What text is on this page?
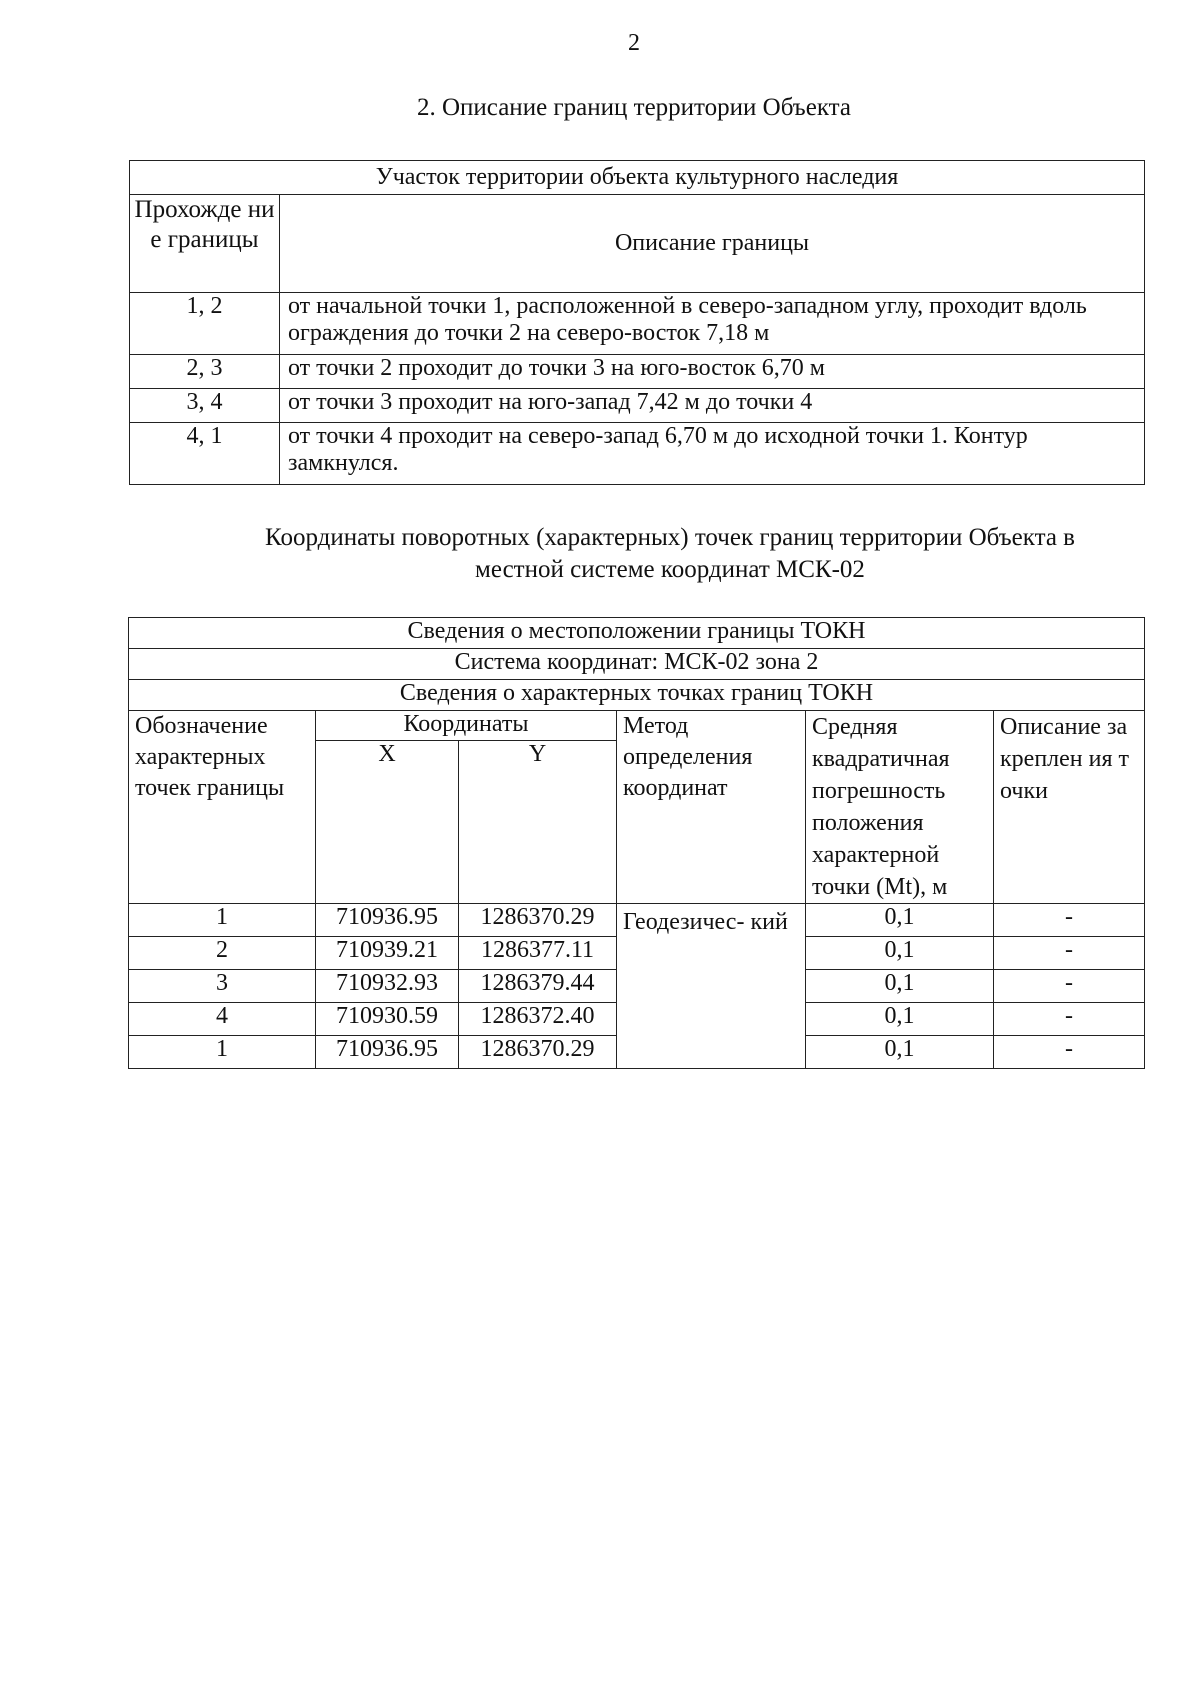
2
2. Описание границ территории Объекта
Участок территории объекта культурного наследия	
Прохожде ние границы	Описание границы
1, 2	от начальной точки 1, расположенной в северо-западном углу, проходит вдоль ограждения до точки 2 на северо-восток 7,18 м
2, 3	от точки 2 проходит до точки 3 на юго-восток 6,70 м
3, 4	от точки 3 проходит на юго-запад 7,42 м до точки 4
4, 1	от точки 4 проходит на северо-запад 6,70 м до исходной точки 1. Контур замкнулся.
Координаты поворотных (характерных) точек границ территории Объекта в местной системе координат МСК-02
Сведения о местоположении границы ТОКН					
Система координат: МСК-02 зона 2					
Сведения о характерных точках границ ТОКН					
Обозначение характерных точек границы	Координаты		Метод определения координат	Средняя квадратичная погрешность положения характерной точки (Mt), м	Описание закреплен ия точки
	X	Y			
1	710936.95	1286370.29	Геодезичес- кий	0,1	-
2	710939.21	1286377.11		0,1	-
3	710932.93	1286379.44		0,1	-
4	710930.59	1286372.40		0,1	-
1	710936.95	1286370.29		0,1	-
